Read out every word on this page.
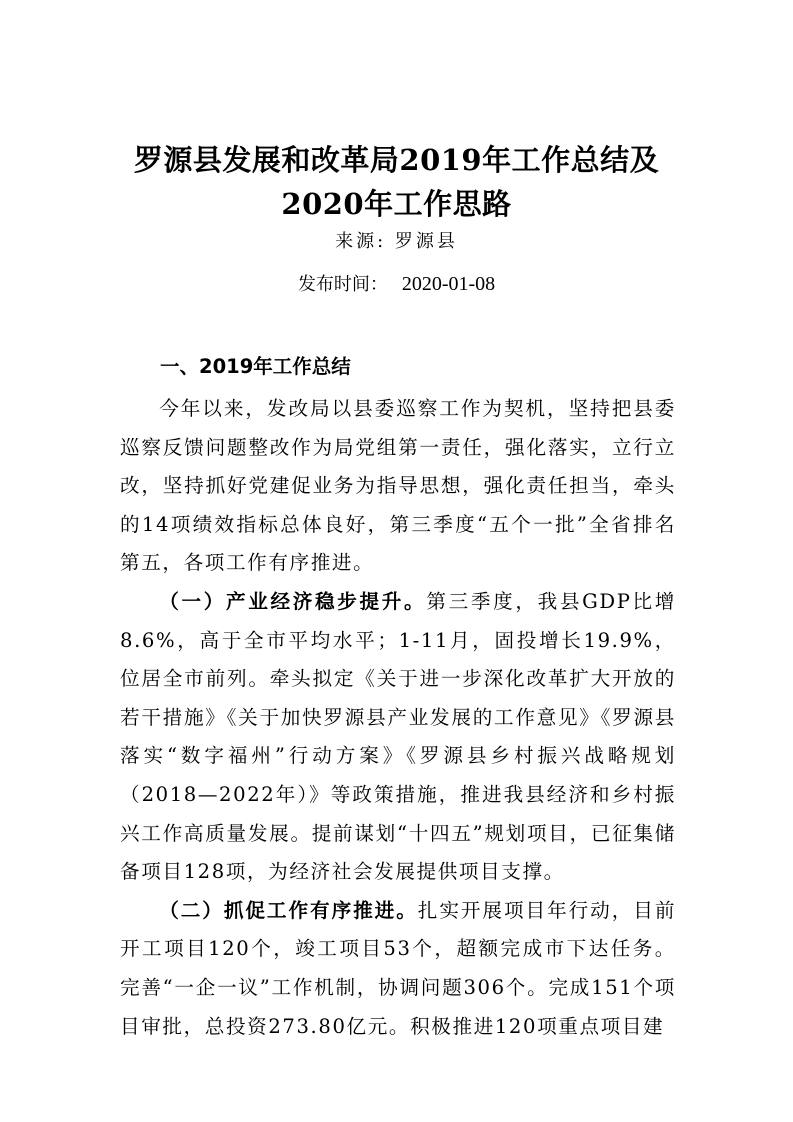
罗源县发展和改革局2019年工作总结及
2020年工作思路
来源: 罗源县
发布时间： 2020-01-08
一、2019年工作总结

今年以来，发改局以县委巡察工作为契机，坚持把县委巡察反馈问题整改作为局党组第一责任，强化落实，立行立改，坚持抓好党建促业务为指导思想，强化责任担当，牵头的14项绩效指标总体良好，第三季度“五个一批”全省排名第五，各项工作有序推进。

（一）产业经济稳步提升。第三季度，我县GDP比增8.6%，高于全市平均水平；1-11月，固投增长19.9%，位居全市前列。牵头拟定《关于进一步深化改革扩大开放的若干措施》《关于加快罗源县产业发展的工作意见》《罗源县落实“数字福州”行动方案》《罗源县乡村振兴战略规划（2018—2022年）》等政策措施，推进我县经济和乡村振兴工作高质量发展。提前谋划“十四五”规划项目，已征集储备项目128项，为经济社会发展提供项目支撑。

（二）抓促工作有序推进。扎实开展项目年行动，目前开工项目120个，竣工项目53个，超额完成市下达任务。完善“一企一议”工作机制，协调问题306个。完成151个项目审批，总投资273.80亿元。积极推进120项重点项目建
